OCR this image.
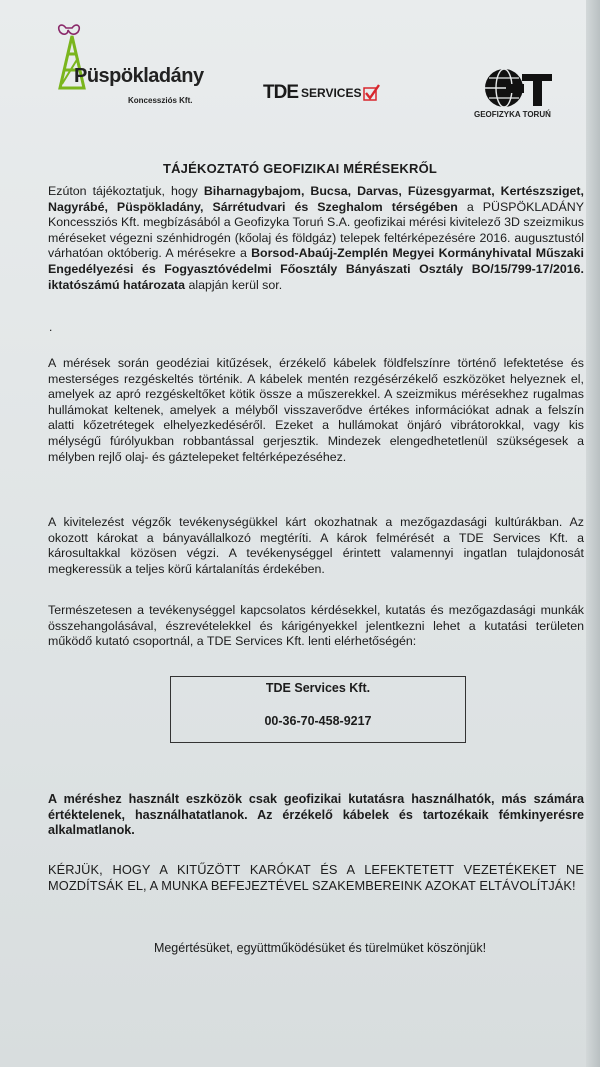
Püspökladány
Koncessziós Kft.	TDE SERVICES
GEOFIZYKA TORUŃ
TÁJÉKOZTATÓ GEOFIZIKAI MÉRÉSEKRŐL
Ezúton tájékoztatjuk, hogy Biharnagybajom, Bucsa, Darvas, Füzesgyarmat, Kertészsziget, Nagyrábé, Püspökladány, Sárrétudvari és Szeghalom térségében a PÜSPÖKLADÁNY Koncessziós Kft. megbízásából a Geofizyka Toruń S.A. geofizikai mérési kivitelező 3D szeizmikus méréseket végezni szénhidrogén (kőolaj és földgáz) telepek feltérképezésére 2016. augusztustól várhatóan októberig. A mérésekre a Borsod-Abaúj-Zemplén Megyei Kormányhivatal Műszaki Engedélyezési és Fogyasztóvédelmi Főosztály Bányászati Osztály BO/15/799-17/2016. iktatószámú határozata alapján kerül sor.
.
A mérések során geodéziai kitűzések, érzékelő kábelek földfelszínre történő lefektetése és mesterséges rezgéskeltés történik. A kábelek mentén rezgésérzékelő eszközöket helyeznek el, amelyek az apró rezgéskeltőket kötik össze a műszerekkel. A szeizmikus mérésekhez rugalmas hullámokat keltenek, amelyek a mélyből visszaverődve értékes információkat adnak a felszín alatti kőzetrétegek elhelyezkedéséről. Ezeket a hullámokat önjáró vibrátorokkal, vagy kis mélységű fúrólyukban robbantással gerjesztik. Mindezek elengedhetetlenül szükségesek a mélyben rejlő olaj- és gáztelepeket feltérképezéséhez.
A kivitelezést végzők tevékenységükkel kárt okozhatnak a mezőgazdasági kultúrákban. Az okozott károkat a bányavállalkozó megtéríti. A károk felmérését a TDE Services Kft. a károsultakkal közösen végzi. A tevékenységgel érintett valamennyi ingatlan tulajdonosát megkeressük a teljes körű kártalanítás érdekében.
Természetesen a tevékenységgel kapcsolatos kérdésekkel, kutatás és mezőgazdasági munkák összehangolásával, észrevételekkel és kárigényekkel jelentkezni lehet a kutatási területen működő kutató csoportnál, a TDE Services Kft. lenti elérhetőségén:
TDE Services Kft.
00-36-70-458-9217
A méréshez használt eszközök csak geofizikai kutatásra használhatók, más számára értéktelenek, használhatatlanok. Az érzékelő kábelek és tartozékaik fémkinyerésre alkalmatlanok.
KÉRJÜK, HOGY A KITŰZÖTT KARÓKAT ÉS A LEFEKTETETT VEZETÉKEKET NE MOZDÍTSÁK EL, A MUNKA BEFEJEZTÉVEL SZAKEMBEREINK AZOKAT ELTÁVOLÍTJÁK!
Megértésüket, együttműködésüket és türelmüket köszönjük!
